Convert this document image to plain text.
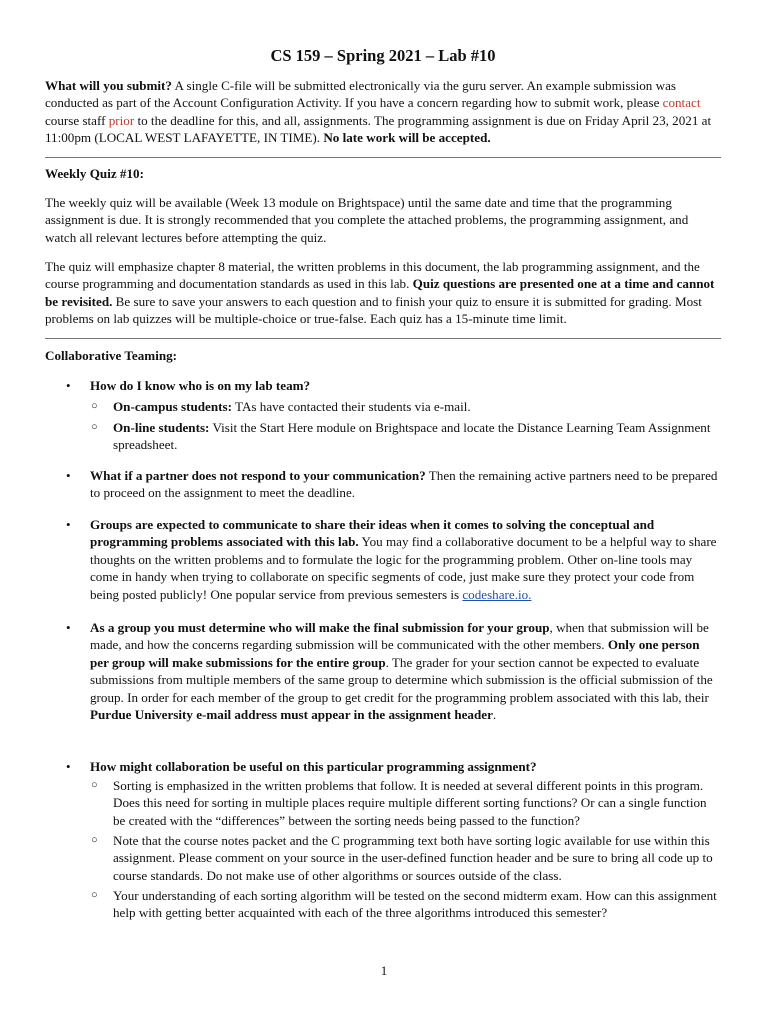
CS 159 – Spring 2021 – Lab #10

What will you submit? A single C-file will be submitted electronically via the guru server. An example submission was conducted as part of the Account Configuration Activity. If you have a concern regarding how to submit work, please contact course staff prior to the deadline for this, and all, assignments. The programming assignment is due on Friday April 23, 2021 at 11:00pm (LOCAL WEST LAFAYETTE, IN TIME). No late work will be accepted.

Weekly Quiz #10:

The weekly quiz will be available (Week 13 module on Brightspace) until the same date and time that the programming assignment is due. It is strongly recommended that you complete the attached problems, the programming assignment, and watch all relevant lectures before attempting the quiz.

The quiz will emphasize chapter 8 material, the written problems in this document, the lab programming assignment, and the course programming and documentation standards as used in this lab. Quiz questions are presented one at a time and cannot be revisited. Be sure to save your answers to each question and to finish your quiz to ensure it is submitted for grading. Most problems on lab quizzes will be multiple-choice or true-false. Each quiz has a 15-minute time limit.

Collaborative Teaming:

• How do I know who is on my lab team?
○ On-campus students: TAs have contacted their students via e-mail.
○ On-line students: Visit the Start Here module on Brightspace and locate the Distance Learning Team Assignment spreadsheet.
• What if a partner does not respond to your communication? Then the remaining active partners need to be prepared to proceed on the assignment to meet the deadline.
• Groups are expected to communicate to share their ideas when it comes to solving the conceptual and programming problems associated with this lab. You may find a collaborative document to be a helpful way to share thoughts on the written problems and to formulate the logic for the programming problem. Other on-line tools may come in handy when trying to collaborate on specific segments of code, just make sure they protect your code from being posted publicly! One popular service from previous semesters is codeshare.io.
• As a group you must determine who will make the final submission for your group, when that submission will be made, and how the concerns regarding submission will be communicated with the other members. Only one person per group will make submissions for the entire group. The grader for your section cannot be expected to evaluate submissions from multiple members of the same group to determine which submission is the official submission of the group. In order for each member of the group to get credit for the programming problem associated with this lab, their Purdue University e-mail address must appear in the assignment header.
• How might collaboration be useful on this particular programming assignment?
○ Sorting is emphasized in the written problems that follow. It is needed at several different points in this program. Does this need for sorting in multiple places require multiple different sorting functions? Or can a single function be created with the “differences” between the sorting needs being passed to the function?
○ Note that the course notes packet and the C programming text both have sorting logic available for use within this assignment. Please comment on your source in the user-defined function header and be sure to bring all code up to course standards. Do not make use of other algorithms or sources outside of the class.
○ Your understanding of each sorting algorithm will be tested on the second midterm exam. How can this assignment help with getting better acquainted with each of the three algorithms introduced this semester?
1
